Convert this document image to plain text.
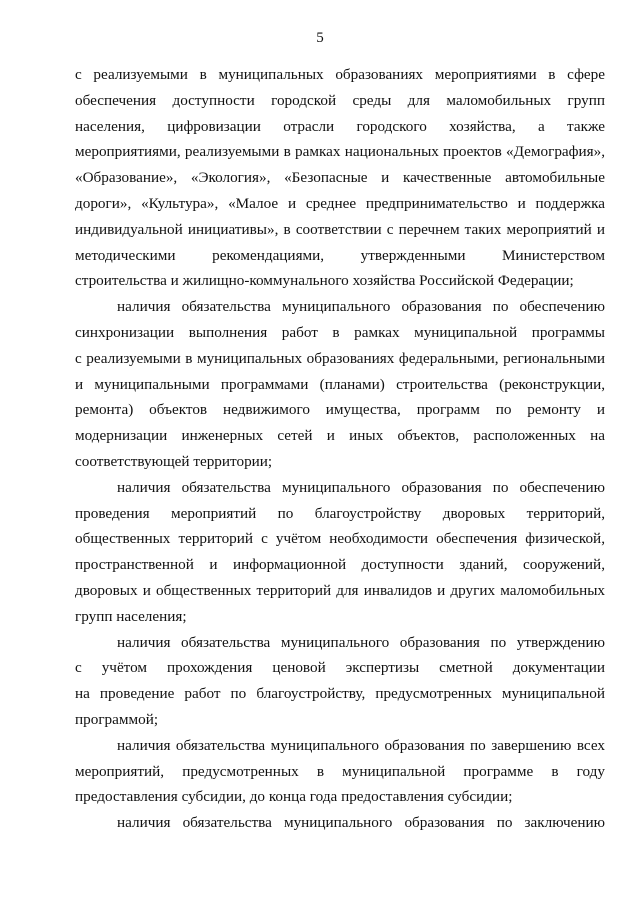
5
с реализуемыми в муниципальных образованиях мероприятиями в сфере
обеспечения доступности городской среды для маломобильных групп
населения, цифровизации отрасли городского хозяйства, а также
мероприятиями, реализуемыми в рамках национальных проектов «Демография»,
«Образование», «Экология», «Безопасные и качественные автомобильные
дороги», «Культура», «Малое и среднее предпринимательство и поддержка
индивидуальной инициативы», в соответствии с перечнем таких мероприятий и
методическими рекомендациями, утвержденными Министерством
строительства и жилищно-коммунального хозяйства Российской Федерации;
наличия обязательства муниципального образования по обеспечению
синхронизации выполнения работ в рамках муниципальной программы
с реализуемыми в муниципальных образованиях федеральными, региональными
и муниципальными программами (планами) строительства (реконструкции,
ремонта) объектов недвижимого имущества, программ по ремонту и
модернизации инженерных сетей и иных объектов, расположенных на
соответствующей территории;
наличия обязательства муниципального образования по обеспечению
проведения мероприятий по благоустройству дворовых территорий,
общественных территорий с учётом необходимости обеспечения физической,
пространственной и информационной доступности зданий, сооружений,
дворовых и общественных территорий для инвалидов и других маломобильных
групп населения;
наличия обязательства муниципального образования по утверждению
с учётом прохождения ценовой экспертизы сметной документации
на проведение работ по благоустройству, предусмотренных муниципальной
программой;
наличия обязательства муниципального образования по завершению всех
мероприятий, предусмотренных в муниципальной программе в году
предоставления субсидии, до конца года предоставления субсидии;
наличия обязательства муниципального образования по заключению
